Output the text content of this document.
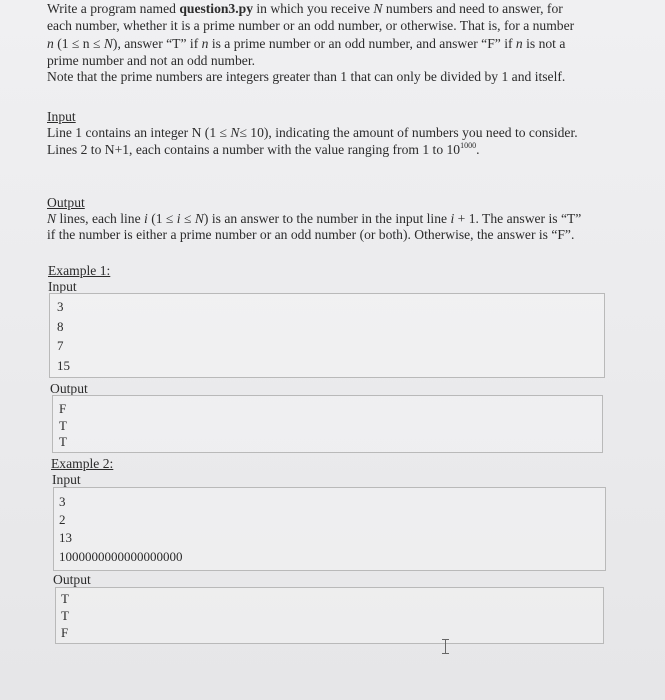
Write a program named question3.py in which you receive N numbers and need to answer, for

each number, whether it is a prime number or an odd number, or otherwise. That is, for a number

n (1 ≤ n ≤ N), answer “T” if n is a prime number or an odd number, and answer “F” if n is not a

prime number and not an odd number.

Note that the prime numbers are integers greater than 1 that can only be divided by 1 and itself.

Input

Line 1 contains an integer N (1 ≤ N≤ 10), indicating the amount of numbers you need to consider.

Lines 2 to N+1, each contains a number with the value ranging from 1 to $10^{1000}$.

Output

N lines, each line i (1 ≤ i ≤ N) is an answer to the number in the input line i + 1. The answer is “T”

if the number is either a prime number or an odd number (or both). Otherwise, the answer is “F”.

Example 1:

Input

3
8
7
15

Output

F
T
T

Example 2:

Input

3
2
13
1000000000000000000

Output

T
T
F
